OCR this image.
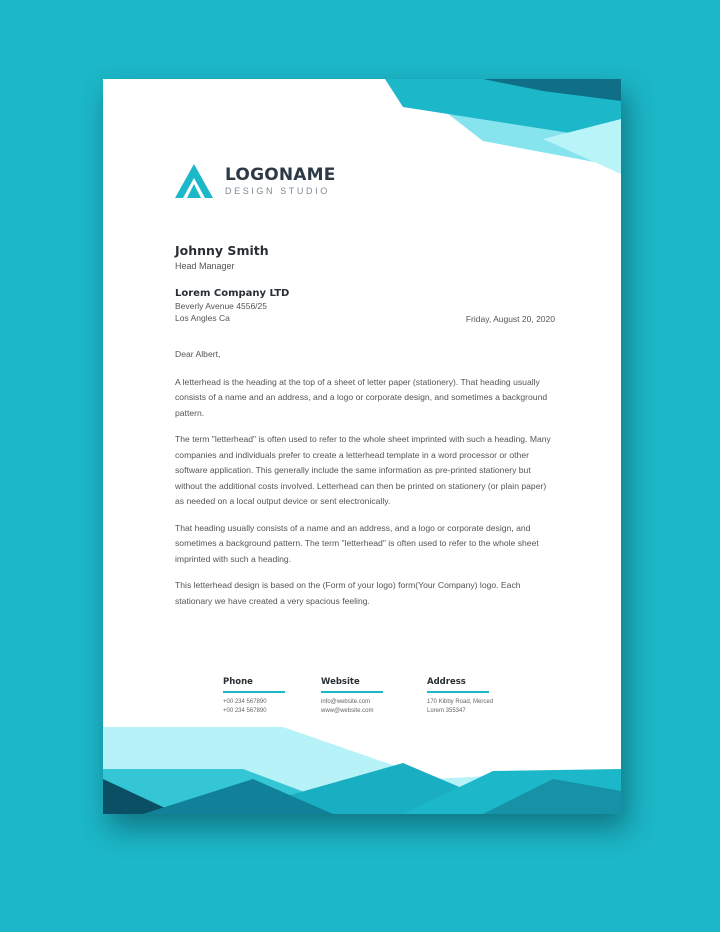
LOGONAME
DESIGN STUDIO
Johnny Smith
Head Manager
Lorem Company LTD
Beverly Avenue 4556/25
Los Angles Ca	Friday, August 20, 2020

Dear Albert,

A letterhead is the heading at the top of a sheet of letter paper (stationery). That heading usually consists of a name and an address, and a logo or corporate design, and sometimes a background pattern.

The term "letterhead" is often used to refer to the whole sheet imprinted with such a heading. Many companies and individuals prefer to create a letterhead template in a word processor or other software application. This generally include the same information as pre-printed stationery but without the additional costs involved. Letterhead can then be printed on stationery (or plain paper) as needed on a local output device or sent electronically.

That heading usually consists of a name and an address, and a logo or corporate design, and sometimes a background pattern. The term "letterhead" is often used to refer to the whole sheet imprinted with such a heading.

This letterhead design is based on the (Form of your logo) form(Your Company) logo. Each stationary we have created a very spacious feeling.

Phone
+00 234 567890
+00 234 567890
Website
info@website.com
www@website.com
Address
170 Kibby Road, Merced
Lorem 355347
